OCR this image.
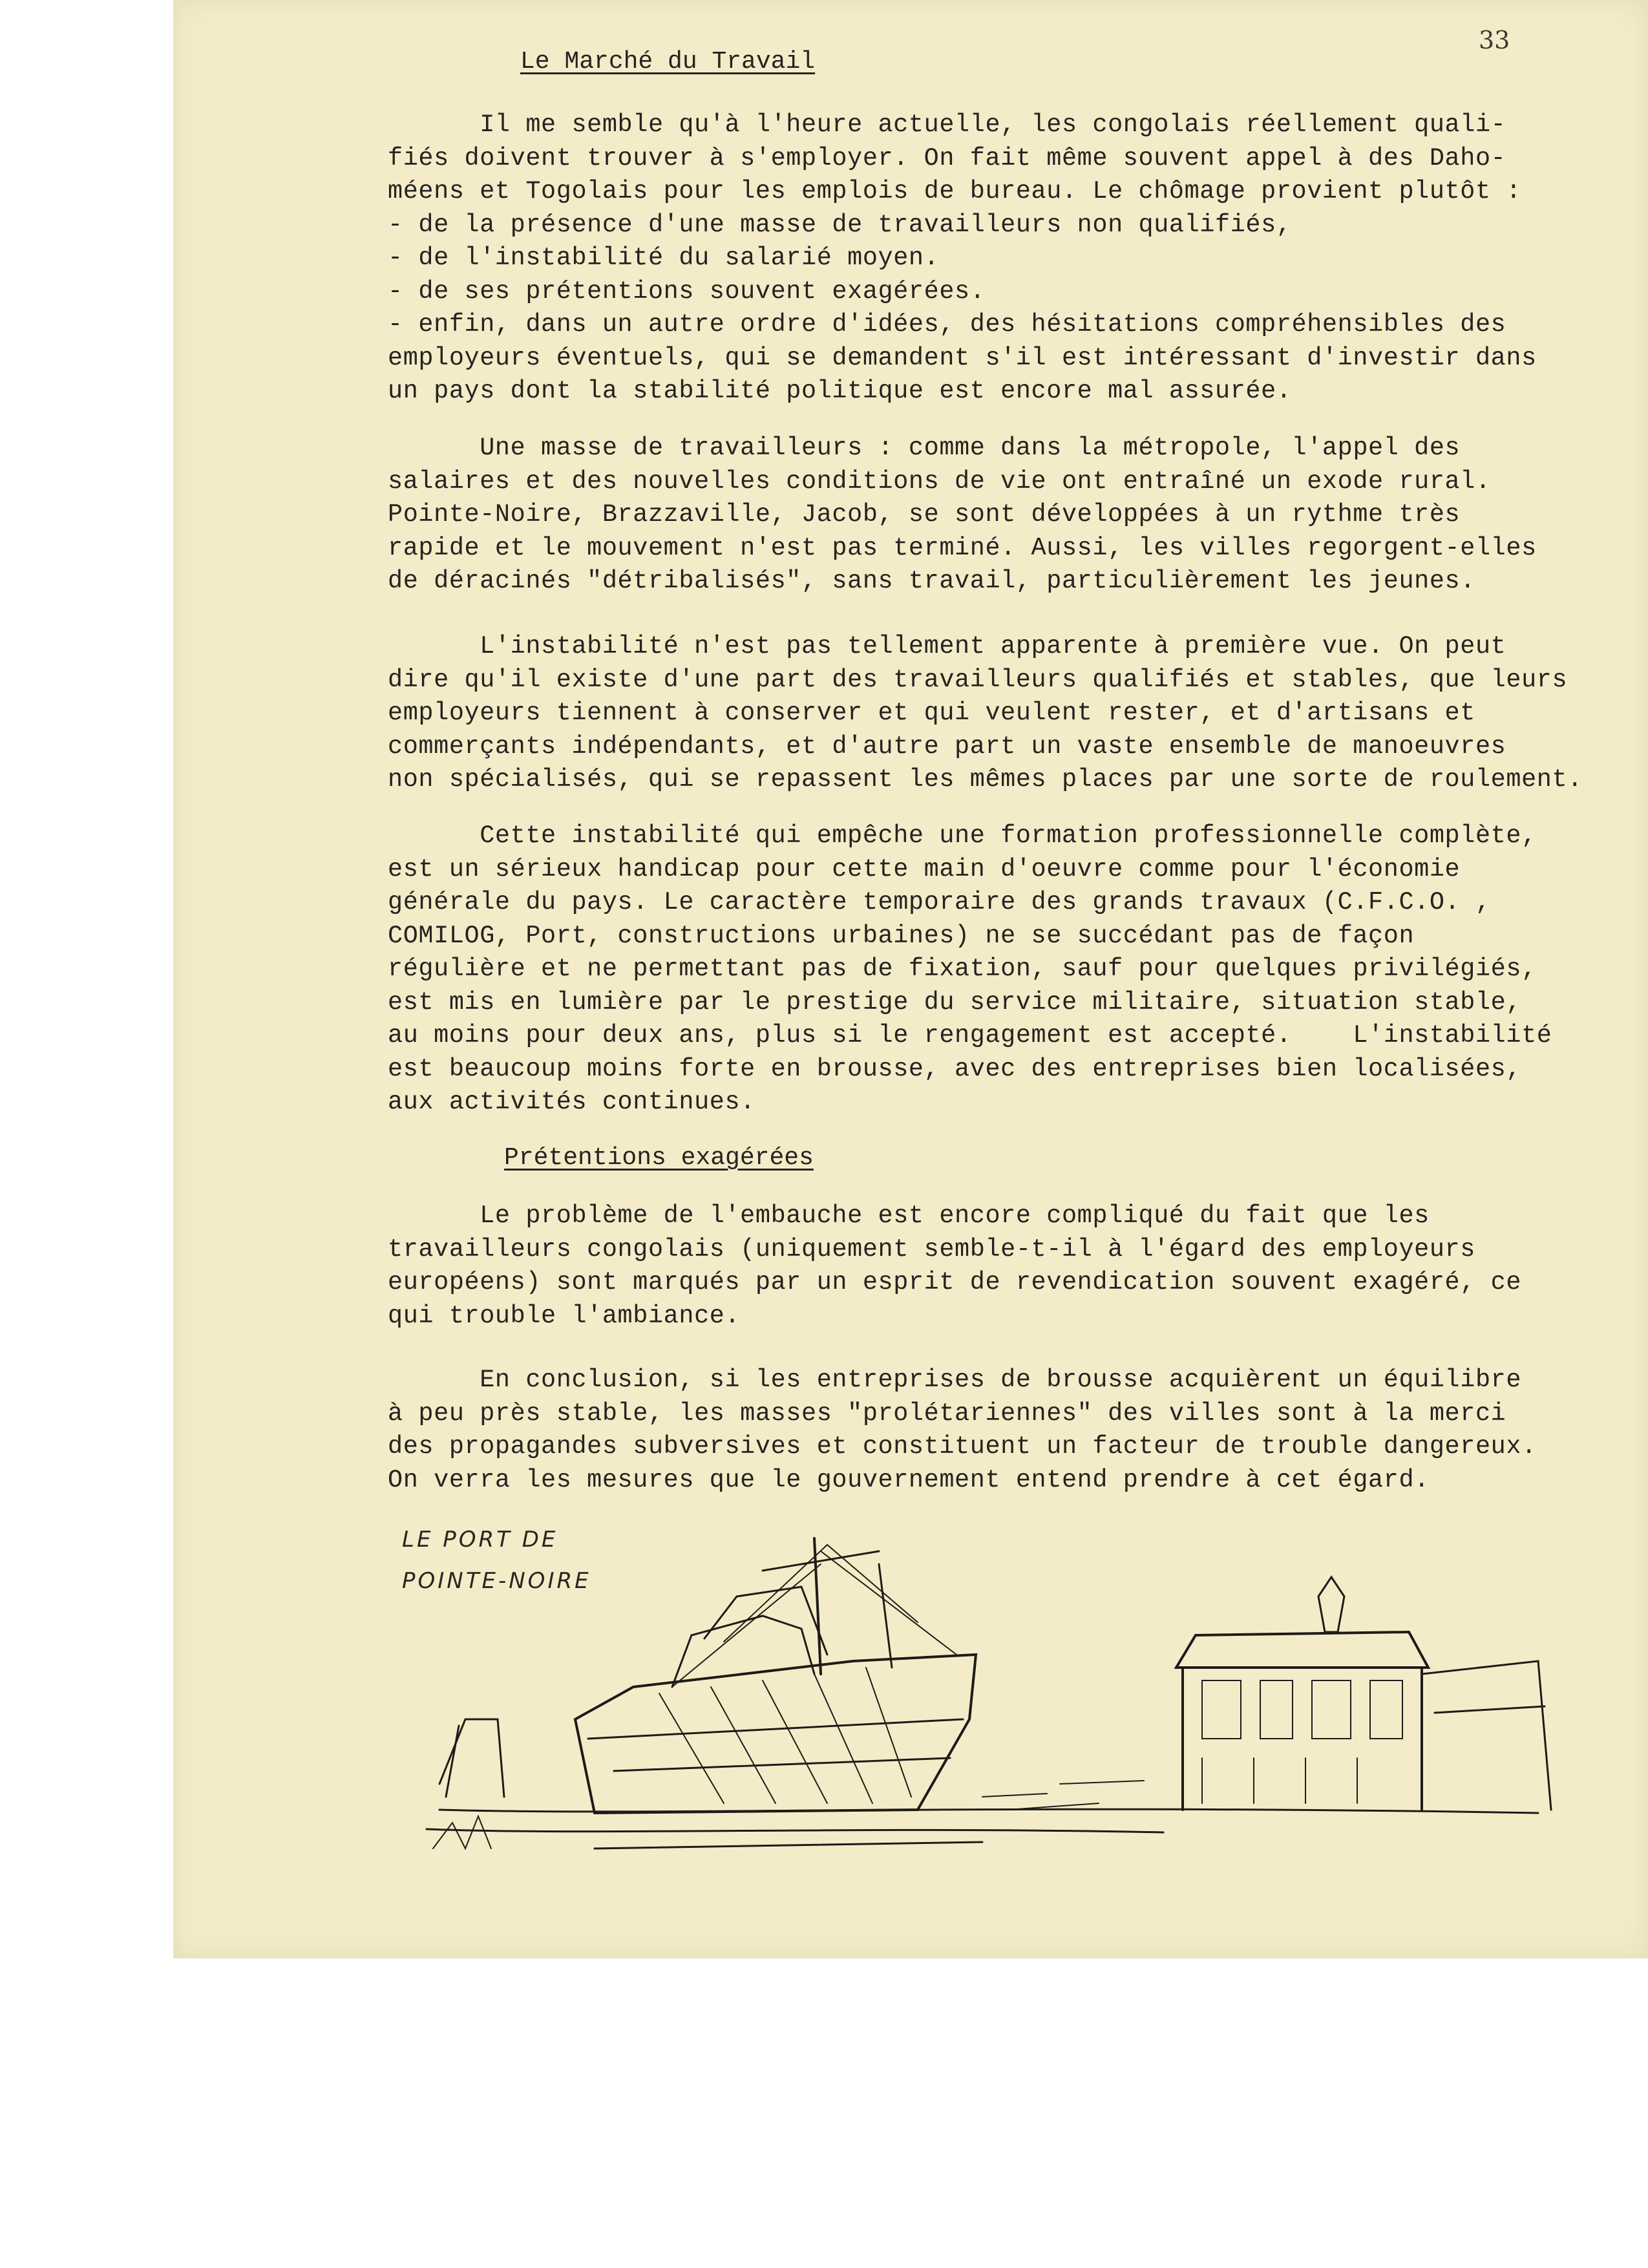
33
Le Marché du Travail
Il me semble qu'à l'heure actuelle, les congolais réellement quali-
fiés doivent trouver à s'employer. On fait même souvent appel à des Daho-
méens et Togolais pour les emplois de bureau. Le chômage provient plutôt :
- de la présence d'une masse de travailleurs non qualifiés,
- de l'instabilité du salarié moyen.
- de ses prétentions souvent exagérées.
- enfin, dans un autre ordre d'idées, des hésitations compréhensibles des
employeurs éventuels, qui se demandent s'il est intéressant d'investir dans
un pays dont la stabilité politique est encore mal assurée.
Une masse de travailleurs : comme dans la métropole, l'appel des
salaires et des nouvelles conditions de vie ont entraîné un exode rural.
Pointe-Noire, Brazzaville, Jacob, se sont développées à un rythme très
rapide et le mouvement n'est pas terminé. Aussi, les villes regorgent-elles
de déracinés "détribalisés", sans travail, particulièrement les jeunes.
L'instabilité n'est pas tellement apparente à première vue. On peut
dire qu'il existe d'une part des travailleurs qualifiés et stables, que leurs
employeurs tiennent à conserver et qui veulent rester, et d'artisans et
commerçants indépendants, et d'autre part un vaste ensemble de manoeuvres
non spécialisés, qui se repassent les mêmes places par une sorte de roulement.
Cette instabilité qui empêche une formation professionnelle complète,
est un sérieux handicap pour cette main d'oeuvre comme pour l'économie
générale du pays. Le caractère temporaire des grands travaux (C.F.C.O. ,
COMILOG, Port, constructions urbaines) ne se succédant pas de façon
régulière et ne permettant pas de fixation, sauf pour quelques privilégiés,
est mis en lumière par le prestige du service militaire, situation stable,
au moins pour deux ans, plus si le rengagement est accepté.    L'instabilité
est beaucoup moins forte en brousse, avec des entreprises bien localisées,
aux activités continues.
Prétentions exagérées
Le problème de l'embauche est encore compliqué du fait que les
travailleurs congolais (uniquement semble-t-il à l'égard des employeurs
européens) sont marqués par un esprit de revendication souvent exagéré, ce
qui trouble l'ambiance.
En conclusion, si les entreprises de brousse acquièrent un équilibre
à peu près stable, les masses "prolétariennes" des villes sont à la merci
des propagandes subversives et constituent un facteur de trouble dangereux.
On verra les mesures que le gouvernement entend prendre à cet égard.
LE PORT DE
POINTE-NOIRE
